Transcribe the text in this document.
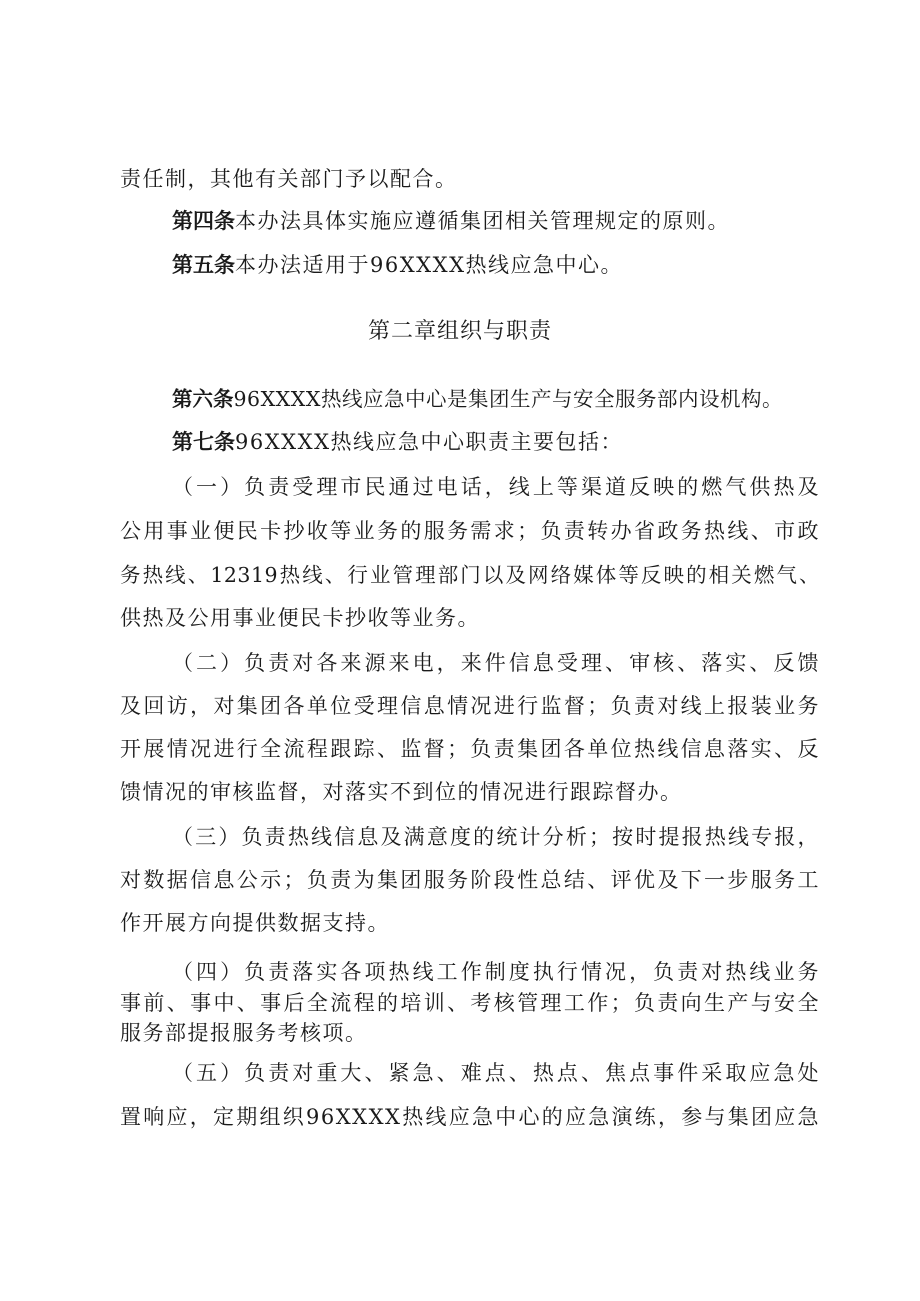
责任制，其他有关部门予以配合。
第四条本办法具体实施应遵循集团相关管理规定的原则。
第五条本办法适用于96XXXX热线应急中心。
第二章组织与职责
第六条96XXXX热线应急中心是集团生产与安全服务部内设机构。
第七条96XXXX热线应急中心职责主要包括：
（一）负责受理市民通过电话，线上等渠道反映的燃气供热及
公用事业便民卡抄收等业务的服务需求；负责转办省政务热线、市政
务热线、12319热线、行业管理部门以及网络媒体等反映的相关燃气、
供热及公用事业便民卡抄收等业务。
（二）负责对各来源来电，来件信息受理、审核、落实、反馈
及回访，对集团各单位受理信息情况进行监督；负责对线上报装业务
开展情况进行全流程跟踪、监督；负责集团各单位热线信息落实、反
馈情况的审核监督，对落实不到位的情况进行跟踪督办。
（三）负责热线信息及满意度的统计分析；按时提报热线专报，
对数据信息公示；负责为集团服务阶段性总结、评优及下一步服务工
作开展方向提供数据支持。
（四）负责落实各项热线工作制度执行情况，负责对热线业务
事前、事中、事后全流程的培训、考核管理工作；负责向生产与安全
服务部提报服务考核项。
（五）负责对重大、紧急、难点、热点、焦点事件采取应急处
置响应，定期组织96XXXX热线应急中心的应急演练，参与集团应急
